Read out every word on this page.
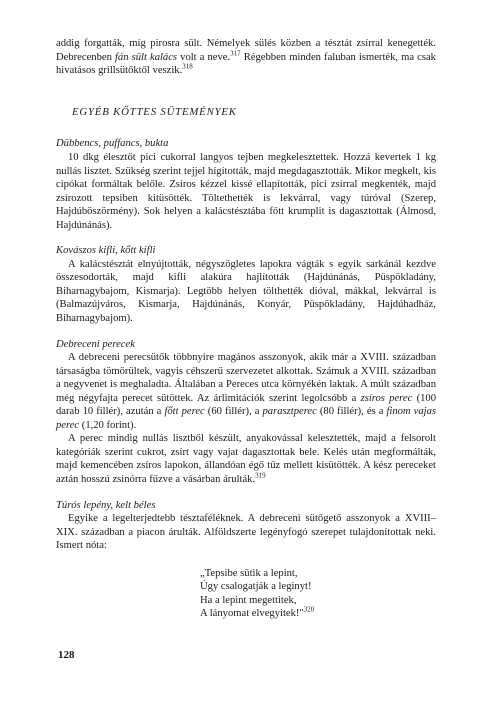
addig forgatták, míg pirosra sült. Némelyek sülés közben a tésztát zsírral kenegették. Debrecenben fán sült kalács volt a neve.$^{317}$ Régebben minden faluban ismerték, ma csak hivatásos grillsütőktől veszik.$^{318}$

EGYÉB KŐTTES SÜTEMÉNYEK
Dübbencs, puffancs, bukta

10 dkg élesztőt pici cukorral langyos tejben megkelesztettek. Hozzá kevertek 1 kg nullás lisztet. Szükség szerint tejjel hígították, majd megdagasztották. Mikor megkelt, kis cipókat formáltak belőle. Zsíros kézzel kissé ellapították, pici zsírral megkenték, majd zsírozott tepsiben kitüsötték. Töltethették is lekvárral, vagy túróval (Szerep, Hajdúböszörmény). Sok helyen a kalácstésztába főtt krumplit is dagasztottak (Álmosd, Hajdúnánás).

Kovászos kifli, kőtt kifli

A kalácstésztát elnyújtották, négyszögletes lapokra vágták s egyik sarkánál kezdve összesodorták, majd kifli alakúra hajlították (Hajdúnánás, Püspökladány, Biharnagybajom, Kismarja). Legtöbb helyen tölthették dióval, mákkal, lekvárral is (Balmazújváros, Kismarja, Hajdúnánás, Konyár, Püspökladány, Hajdúhadház, Biharnagybajom).

Debreceni perecek

A debreceni perecsütők többnyire magános asszonyok, akik már a XVIII. században társaságba tömörültek, vagyis céhszerű szervezetet alkottak. Számuk a XVIII. században a negyvenet is meghaladta. Általában a Pereces utca környékén laktak. A múlt században még négyfajta perecet sütöttek. Az árlimitációk szerint legolcsóbb a zsíros perec (100 darab 10 fillér), azután a főtt perec (60 fillér), a parasztperec (80 fillér), és a finom vajas perec (1,20 forint).

A perec mindig nullás lisztből készült, anyakovással kelesztették, majd a felsorolt kategóriák szerint cukrot, zsírt vagy vajat dagasztottak bele. Kelés után megformálták, majd kemencében zsíros lapokon, állandóan égő tűz mellett kisütötték. A kész pereceket aztán hosszú zsinórra fűzve a vásárban árulták.$^{319}$

Túrós lepény, kelt béles

Egyike a legelterjedtebb tésztaféléknek. A debreceni sütőgető asszonyok a XVIII–XIX. században a piacon árulták. Alföldszerte legényfogó szerepet tulajdonítottak neki. Ismert nóta:

„Tepsibe sütik a lepint,

Úgy csalogatják a leginyt!

Ha a lepint megettitek,

A lányomat elvegyitek!"$^{320}$

128
